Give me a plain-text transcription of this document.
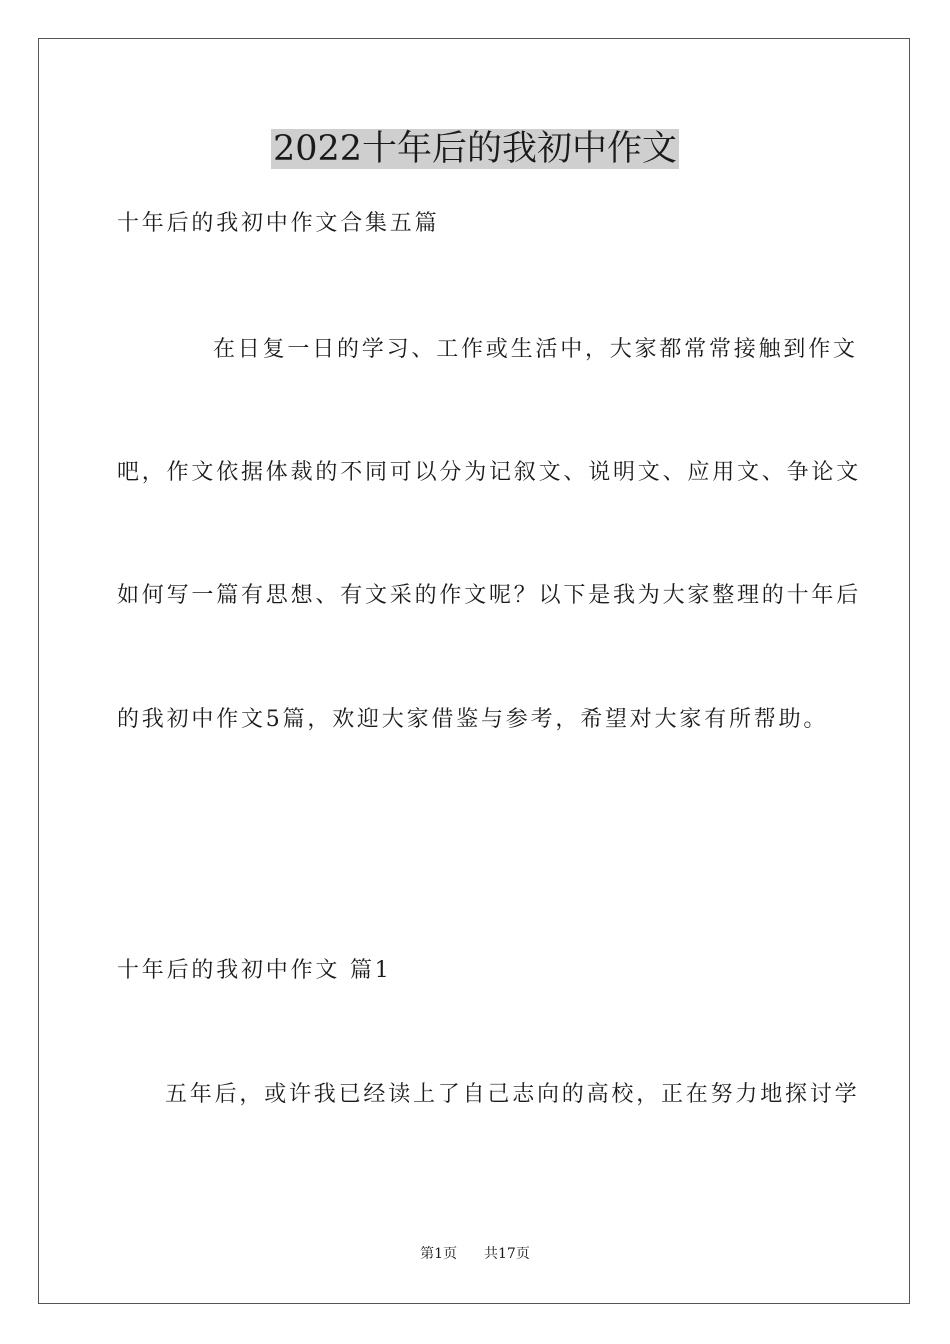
2022十年后的我初中作文

十年后的我初中作文合集五篇

在日复一日的学习、工作或生活中，大家都常常接触到作文

吧，作文依据体裁的不同可以分为记叙文、说明文、应用文、争论文

如何写一篇有思想、有文采的作文呢？以下是我为大家整理的十年后

的我初中作文5篇，欢迎大家借鉴与参考，希望对大家有所帮助。

十年后的我初中作文 篇1

五年后，或许我已经读上了自己志向的高校，正在努力地探讨学

第1页 共17页
